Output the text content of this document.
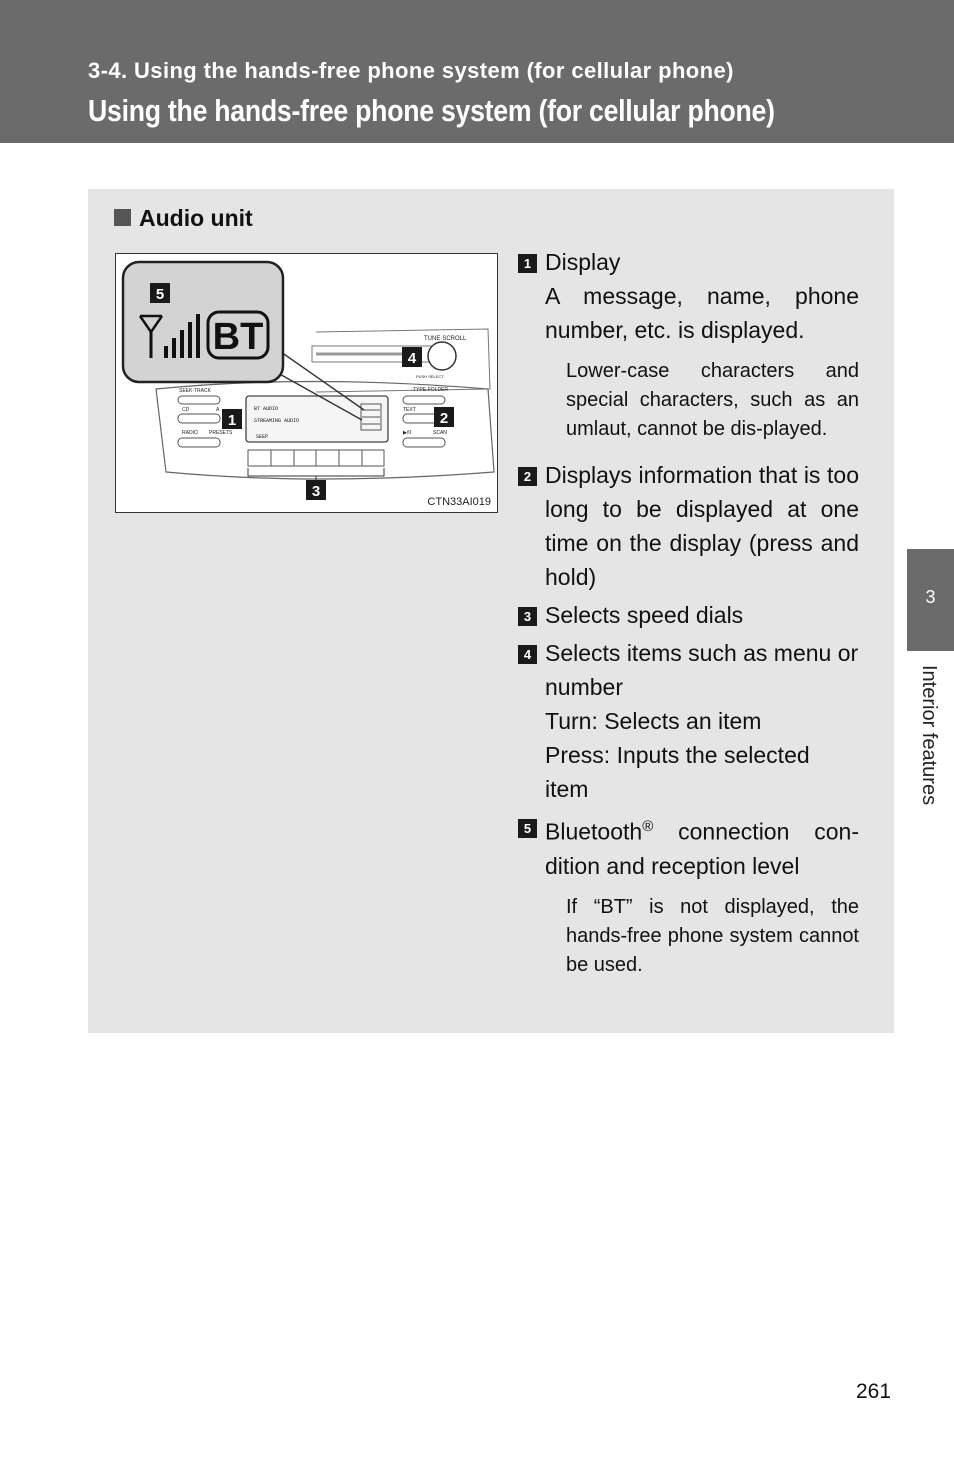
3-4. Using the hands-free phone system (for cellular phone)
Using the hands-free phone system (for cellular phone)
Audio unit
BT	TUNE·SCROLL
SEEK·TRACK	TYPE·FOLDER
CD	A
RADIO PRESETS
TEXT
▶/II	SCAN
PUSH SELECT
BT AUDIO
STREAMING AUDIO
SEEP
5
4
1	2
3
CTN33AI019
1 Display
A message, name, phone number, etc. is displayed.
Lower-case characters and special characters, such as an umlaut, cannot be dis-played.
2 Displays information that is too long to be displayed at one time on the display (press and hold)
3 Selects speed dials
4 Selects items such as menu or number
Turn: Selects an item
Press: Inputs the selected item
5 Bluetooth® connection con-dition and reception level
If “BT” is not displayed, the hands-free phone system cannot be used.
3
Interior features
261
